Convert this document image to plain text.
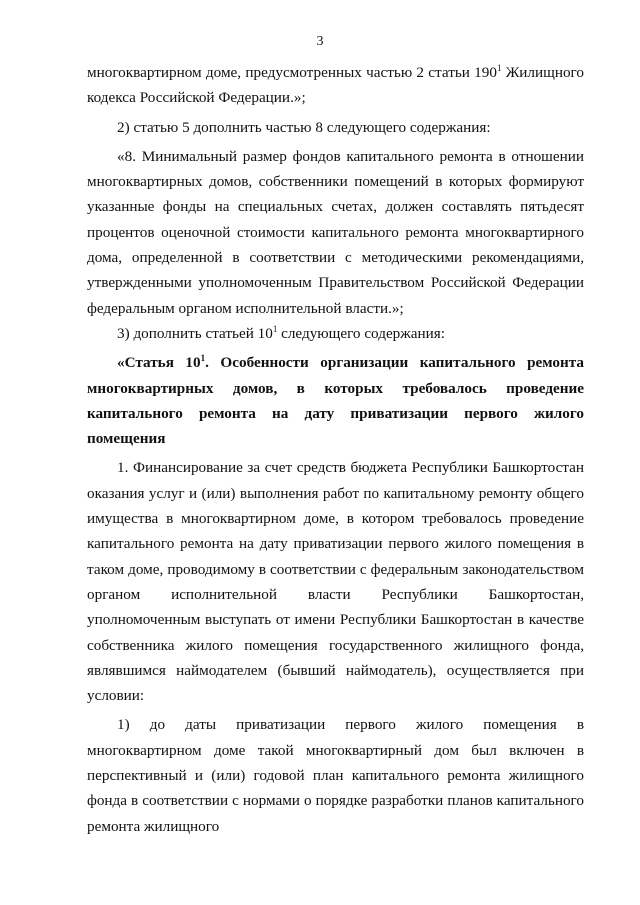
3

многоквартирном доме, предусмотренных частью 2 статьи $190^1$ Жилищного кодекса Российской Федерации.»;

2) статью 5 дополнить частью 8 следующего содержания:

«8. Минимальный размер фондов капитального ремонта в отношении многоквартирных домов, собственники помещений в которых формируют указанные фонды на специальных счетах, должен составлять пятьдесят процентов оценочной стоимости капитального ремонта многоквартирного дома, определенной в соответствии с методическими рекомендациями, утвержденными уполномоченным Правительством Российской Федерации федеральным органом исполнительной власти.»;

3) дополнить статьей $10^1$ следующего содержания:

«Статья $10^1$. Особенности организации капитального ремонта многоквартирных домов, в которых требовалось проведение капитального ремонта на дату приватизации первого жилого помещения

1. Финансирование за счет средств бюджета Республики Башкортостан оказания услуг и (или) выполнения работ по капитальному ремонту общего имущества в многоквартирном доме, в котором требовалось проведение капитального ремонта на дату приватизации первого жилого помещения в таком доме, проводимому в соответствии с федеральным законодательством органом исполнительной власти Республики Башкортостан, уполномоченным выступать от имени Республики Башкортостан в качестве собственника жилого помещения государственного жилищного фонда, являвшимся наймодателем (бывший наймодатель), осуществляется при условии:

1) до даты приватизации первого жилого помещения в многоквартирном доме такой многоквартирный дом был включен в перспективный и (или) годовой план капитального ремонта жилищного фонда в соответствии с нормами о порядке разработки планов капитального ремонта жилищного
